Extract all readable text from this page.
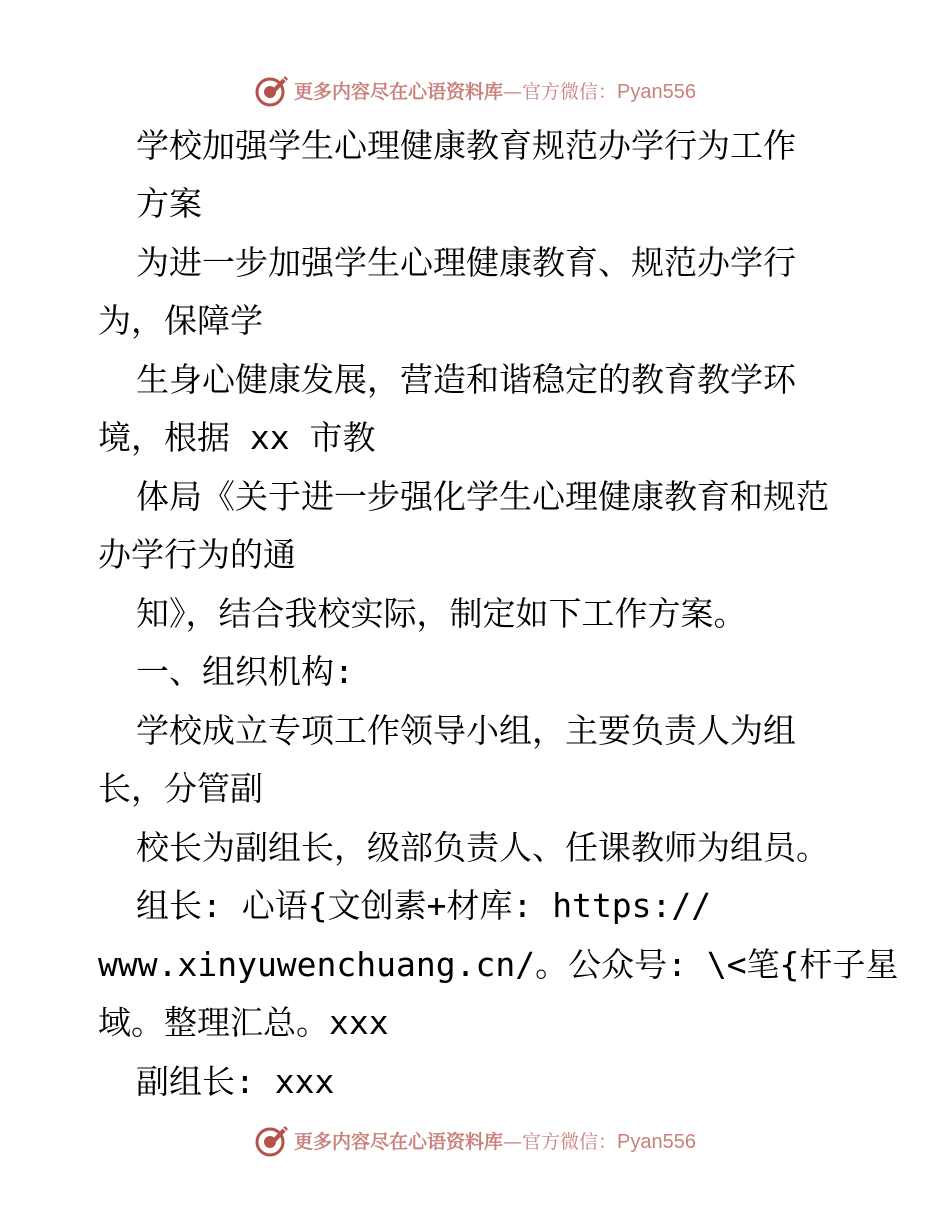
更多内容尽在心语资料库—官方微信：Pyan556
学校加强学生心理健康教育规范办学行为工作
方案
为进一步加强学生心理健康教育、规范办学行
为，保障学
生身心健康发展，营造和谐稳定的教育教学环
境，根据 xx 市教
体局《关于进一步强化学生心理健康教育和规范
办学行为的通
知》，结合我校实际，制定如下工作方案。
一、组织机构:
学校成立专项工作领导小组，主要负责人为组
长，分管副
校长为副组长，级部负责人、任课教师为组员。
组长: 心语{文创素+材库: https://
www.xinyuwenchuang.cn/。公众号: \<笔{杆子星
域。整理汇总。xxx
副组长: xxx
更多内容尽在心语资料库—官方微信：Pyan556
